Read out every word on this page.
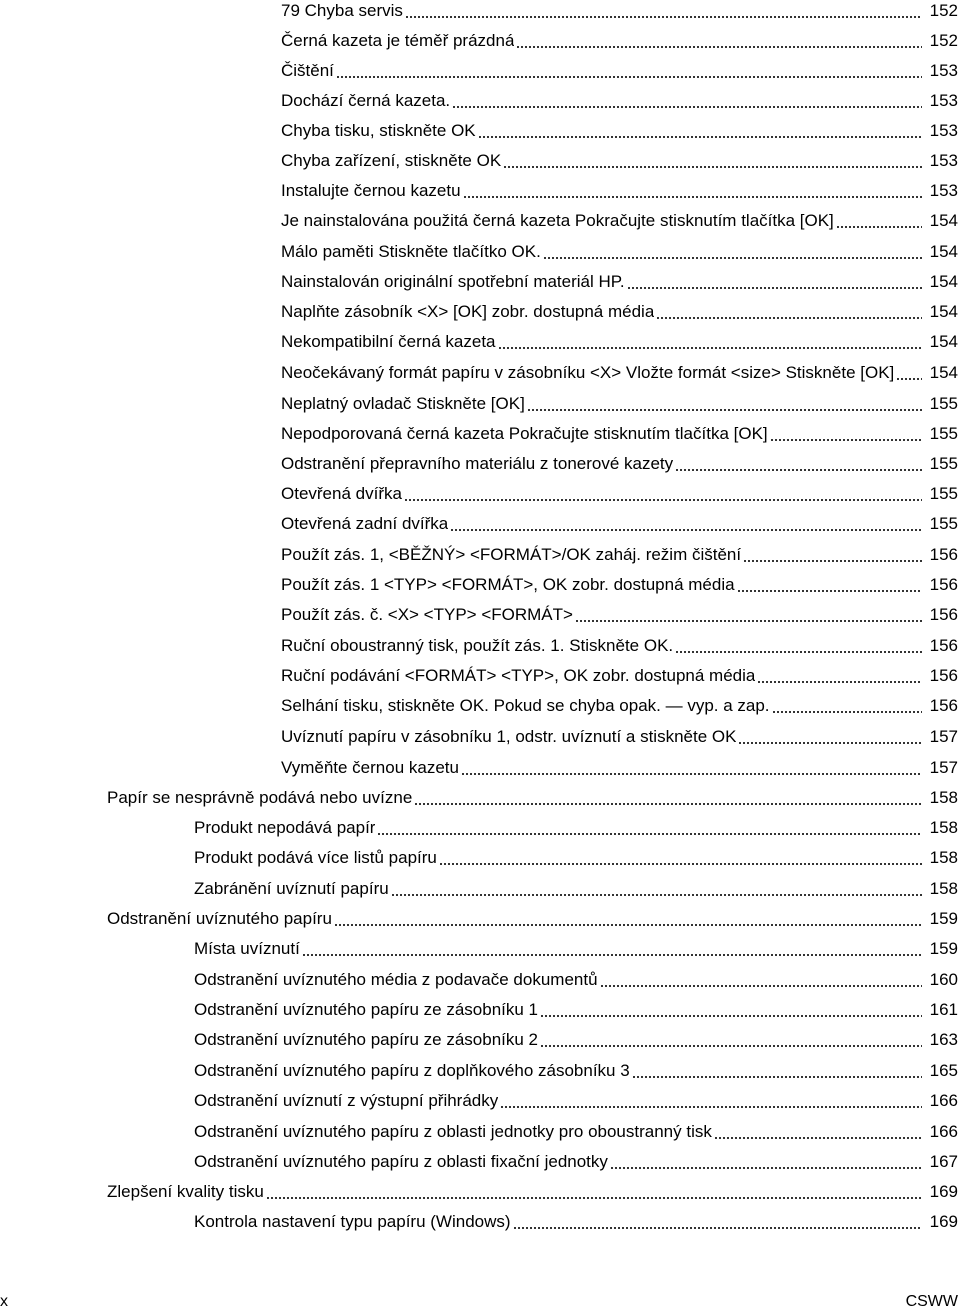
79 Chyba servis	152
Černá kazeta je téměř prázdná	152
Čištění	153
Dochází černá kazeta.	153
Chyba tisku, stiskněte OK	153
Chyba zařízení, stiskněte OK	153
Instalujte černou kazetu	153
Je nainstalována použitá černá kazeta Pokračujte stisknutím tlačítka [OK]	154
Málo paměti Stiskněte tlačítko OK.	154
Nainstalován originální spotřební materiál HP.	154
Naplňte zásobník <X> [OK] zobr. dostupná média	154
Nekompatibilní černá kazeta	154
Neočekávaný formát papíru v zásobníku <X> Vložte formát <size> Stiskněte [OK] 154
Neplatný ovladač Stiskněte [OK]	155
Nepodporovaná černá kazeta Pokračujte stisknutím tlačítka [OK]	155
Odstranění přepravního materiálu z tonerové kazety	155
Otevřená dvířka	155
Otevřená zadní dvířka	155
Použít zás. 1, <BĚŽNÝ> <FORMÁT>/OK zaháj. režim čištění	156
Použít zás. 1 <TYP> <FORMÁT>, OK zobr. dostupná média	156
Použít zás. č. <X> <TYP> <FORMÁT>	156
Ruční oboustranný tisk, použít zás. 1. Stiskněte OK.	156
Ruční podávání <FORMÁT> <TYP>, OK zobr. dostupná média	156
Selhání tisku, stiskněte OK. Pokud se chyba opak. — vyp. a zap.	156
Uvíznutí papíru v zásobníku 1, odstr. uvíznutí a stiskněte OK	157
Vyměňte černou kazetu	157
Papír se nesprávně podává nebo uvízne	158
Produkt nepodává papír	158
Produkt podává více listů papíru	158
Zabránění uvíznutí papíru	158
Odstranění uvíznutého papíru	159
Místa uvíznutí	159
Odstranění uvíznutého média z podavače dokumentů	160
Odstranění uvíznutého papíru ze zásobníku 1	161
Odstranění uvíznutého papíru ze zásobníku 2	163
Odstranění uvíznutého papíru z doplňkového zásobníku 3	165
Odstranění uvíznutí z výstupní přihrádky	166
Odstranění uvíznutého papíru z oblasti jednotky pro oboustranný tisk	166
Odstranění uvíznutého papíru z oblasti fixační jednotky	167
Zlepšení kvality tisku	169
Kontrola nastavení typu papíru (Windows)	169
x	CSWW
